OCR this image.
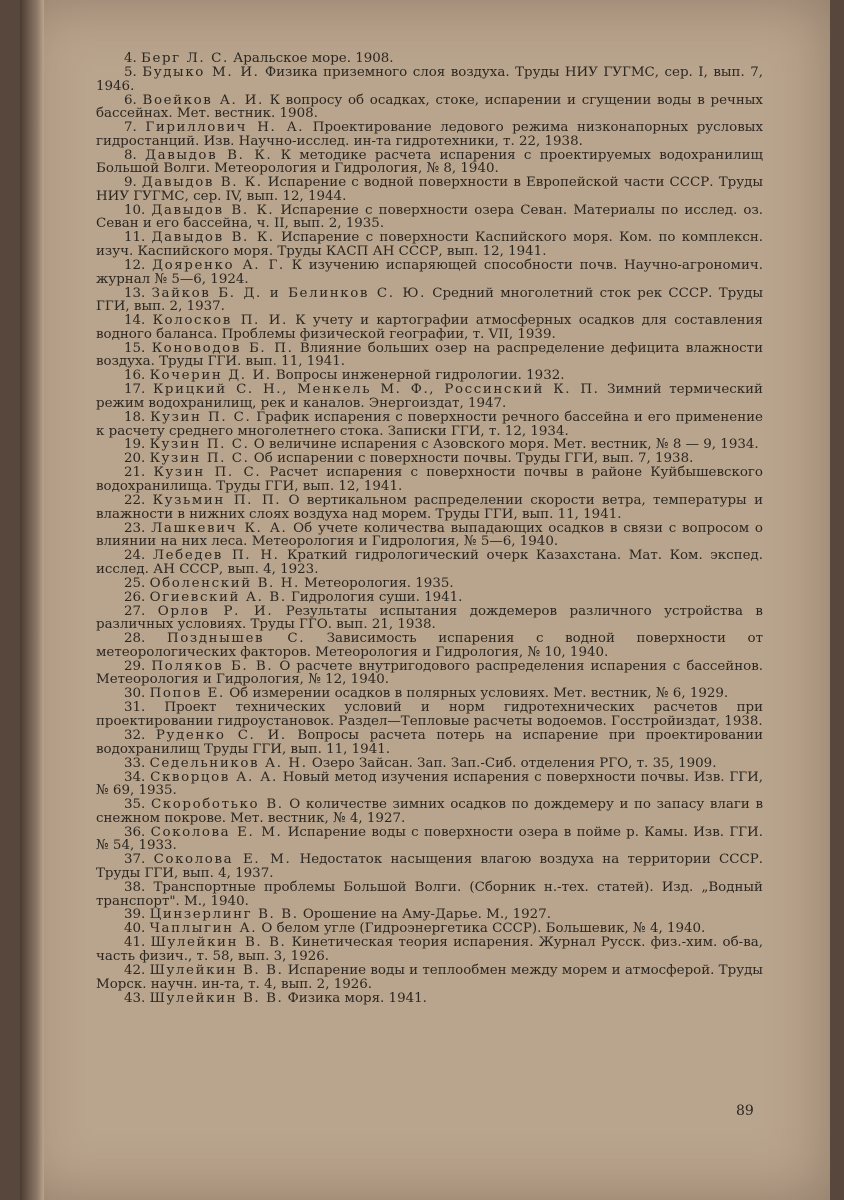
4. Берг Л. С. Аральское море. 1908.

5. Будыко М. И. Физика приземного слоя воздуха. Труды НИУ ГУГМС, сер. I, вып. 7, 1946.

6. Воейков А. И. К вопросу об осадках, стоке, испарении и сгущении воды в речных бассейнах. Мет. вестник. 1908.

7. Гириллович Н. А. Проектирование ледового режима низконапорных русловых гидростанций. Изв. Научно-исслед. ин-та гидротехники, т. 22, 1938.

8. Давыдов В. К. К методике расчета испарения с проектируемых водохранилищ Большой Волги. Метеорология и Гидрология, № 8, 1940.

9. Давыдов В. К. Испарение с водной поверхности в Европейской части СССР. Труды НИУ ГУГМС, сер. IV, вып. 12, 1944.

10. Давыдов В. К. Испарение с поверхности озера Севан. Материалы по исслед. оз. Севан и его бассейна, ч. II, вып. 2, 1935.

11. Давыдов В. К. Испарение с поверхности Каспийского моря. Ком. по комплексн. изуч. Каспийского моря. Труды КАСП АН СССР, вып. 12, 1941.

12. Дояренко А. Г. К изучению испаряющей способности почв. Научно-агрономич. журнал № 5—6, 1924.

13. Зайков Б. Д. и Белинков С. Ю. Средний многолетний сток рек СССР. Труды ГГИ, вып. 2, 1937.

14. Колосков П. И. К учету и картографии атмосферных осадков для составления водного баланса. Проблемы физической географии, т. VII, 1939.

15. Коноводов Б. П. Влияние больших озер на распределение дефицита влажности воздуха. Труды ГГИ. вып. 11, 1941.

16. Кочерин Д. И. Вопросы инженерной гидрологии. 1932.

17. Крицкий С. Н., Менкель М. Ф., Россинский К. П. Зимний термический режим водохранилищ, рек и каналов. Энергоиздат, 1947.

18. Кузин П. С. График испарения с поверхности речного бассейна и его применение к расчету среднего многолетнего стока. Записки ГГИ, т. 12, 1934.

19. Кузин П. С. О величине испарения с Азовского моря. Мет. вестник, № 8 — 9, 1934.

20. Кузин П. С. Об испарении с поверхности почвы. Труды ГГИ, вып. 7, 1938.

21. Кузин П. С. Расчет испарения с поверхности почвы в районе Куйбышевского водохранилища. Труды ГГИ, вып. 12, 1941.

22. Кузьмин П. П. О вертикальном распределении скорости ветра, температуры и влажности в нижних слоях воздуха над морем. Труды ГГИ, вып. 11, 1941.

23. Лашкевич К. А. Об учете количества выпадающих осадков в связи с вопросом о влиянии на них леса. Метеорология и Гидрология, № 5—6, 1940.

24. Лебедев П. Н. Краткий гидрологический очерк Казахстана. Мат. Ком. экспед. исслед. АН СССР, вып. 4, 1923.

25. Оболенский В. Н. Метеорология. 1935.

26. Огиевский А. В. Гидрология суши. 1941.

27. Орлов Р. И. Результаты испытания дождемеров различного устройства в различных условиях. Труды ГГО. вып. 21, 1938.

28. Позднышев С. Зависимость испарения с водной поверхности от метеорологических факторов. Метеорология и Гидрология, № 10, 1940.

29. Поляков Б. В. О расчете внутригодового распределения испарения с бассейнов. Метеорология и Гидрология, № 12, 1940.

30. Попов Е. Об измерении осадков в полярных условиях. Мет. вестник, № 6, 1929.

31. Проект технических условий и норм гидротехнических расчетов при проектировании гидроустановок. Раздел—Тепловые расчеты водоемов. Госстройиздат, 1938.

32. Руденко С. И. Вопросы расчета потерь на испарение при проектировании водохранилищ Труды ГГИ, вып. 11, 1941.

33. Седельников А. Н. Озеро Зайсан. Зап. Зап.-Сиб. отделения РГО, т. 35, 1909.

34. Скворцов А. А. Новый метод изучения испарения с поверхности почвы. Изв. ГГИ, № 69, 1935.

35. Скороботько В. О количестве зимних осадков по дождемеру и по запасу влаги в снежном покрове. Мет. вестник, № 4, 1927.

36. Соколова Е. М. Испарение воды с поверхности озера в пойме р. Камы. Изв. ГГИ. № 54, 1933.

37. Соколова Е. М. Недостаток насыщения влагою воздуха на территории СССР. Труды ГГИ, вып. 4, 1937.

38. Транспортные проблемы Большой Волги. (Сборник н.-тех. статей). Изд. „Водный транспорт". М., 1940.

39. Цинзерлинг В. В. Орошение на Аму-Дарье. М., 1927.

40. Чаплыгин А. О белом угле (Гидроэнергетика СССР). Большевик, № 4, 1940.

41. Шулейкин В. В. Кинетическая теория испарения. Журнал Русск. физ.-хим. об-ва, часть физич., т. 58, вып. 3, 1926.

42. Шулейкин В. В. Испарение воды и теплообмен между морем и атмосферой. Труды Морск. научн. ин-та, т. 4, вып. 2, 1926.

43. Шулейкин В. В. Физика моря. 1941.

89
